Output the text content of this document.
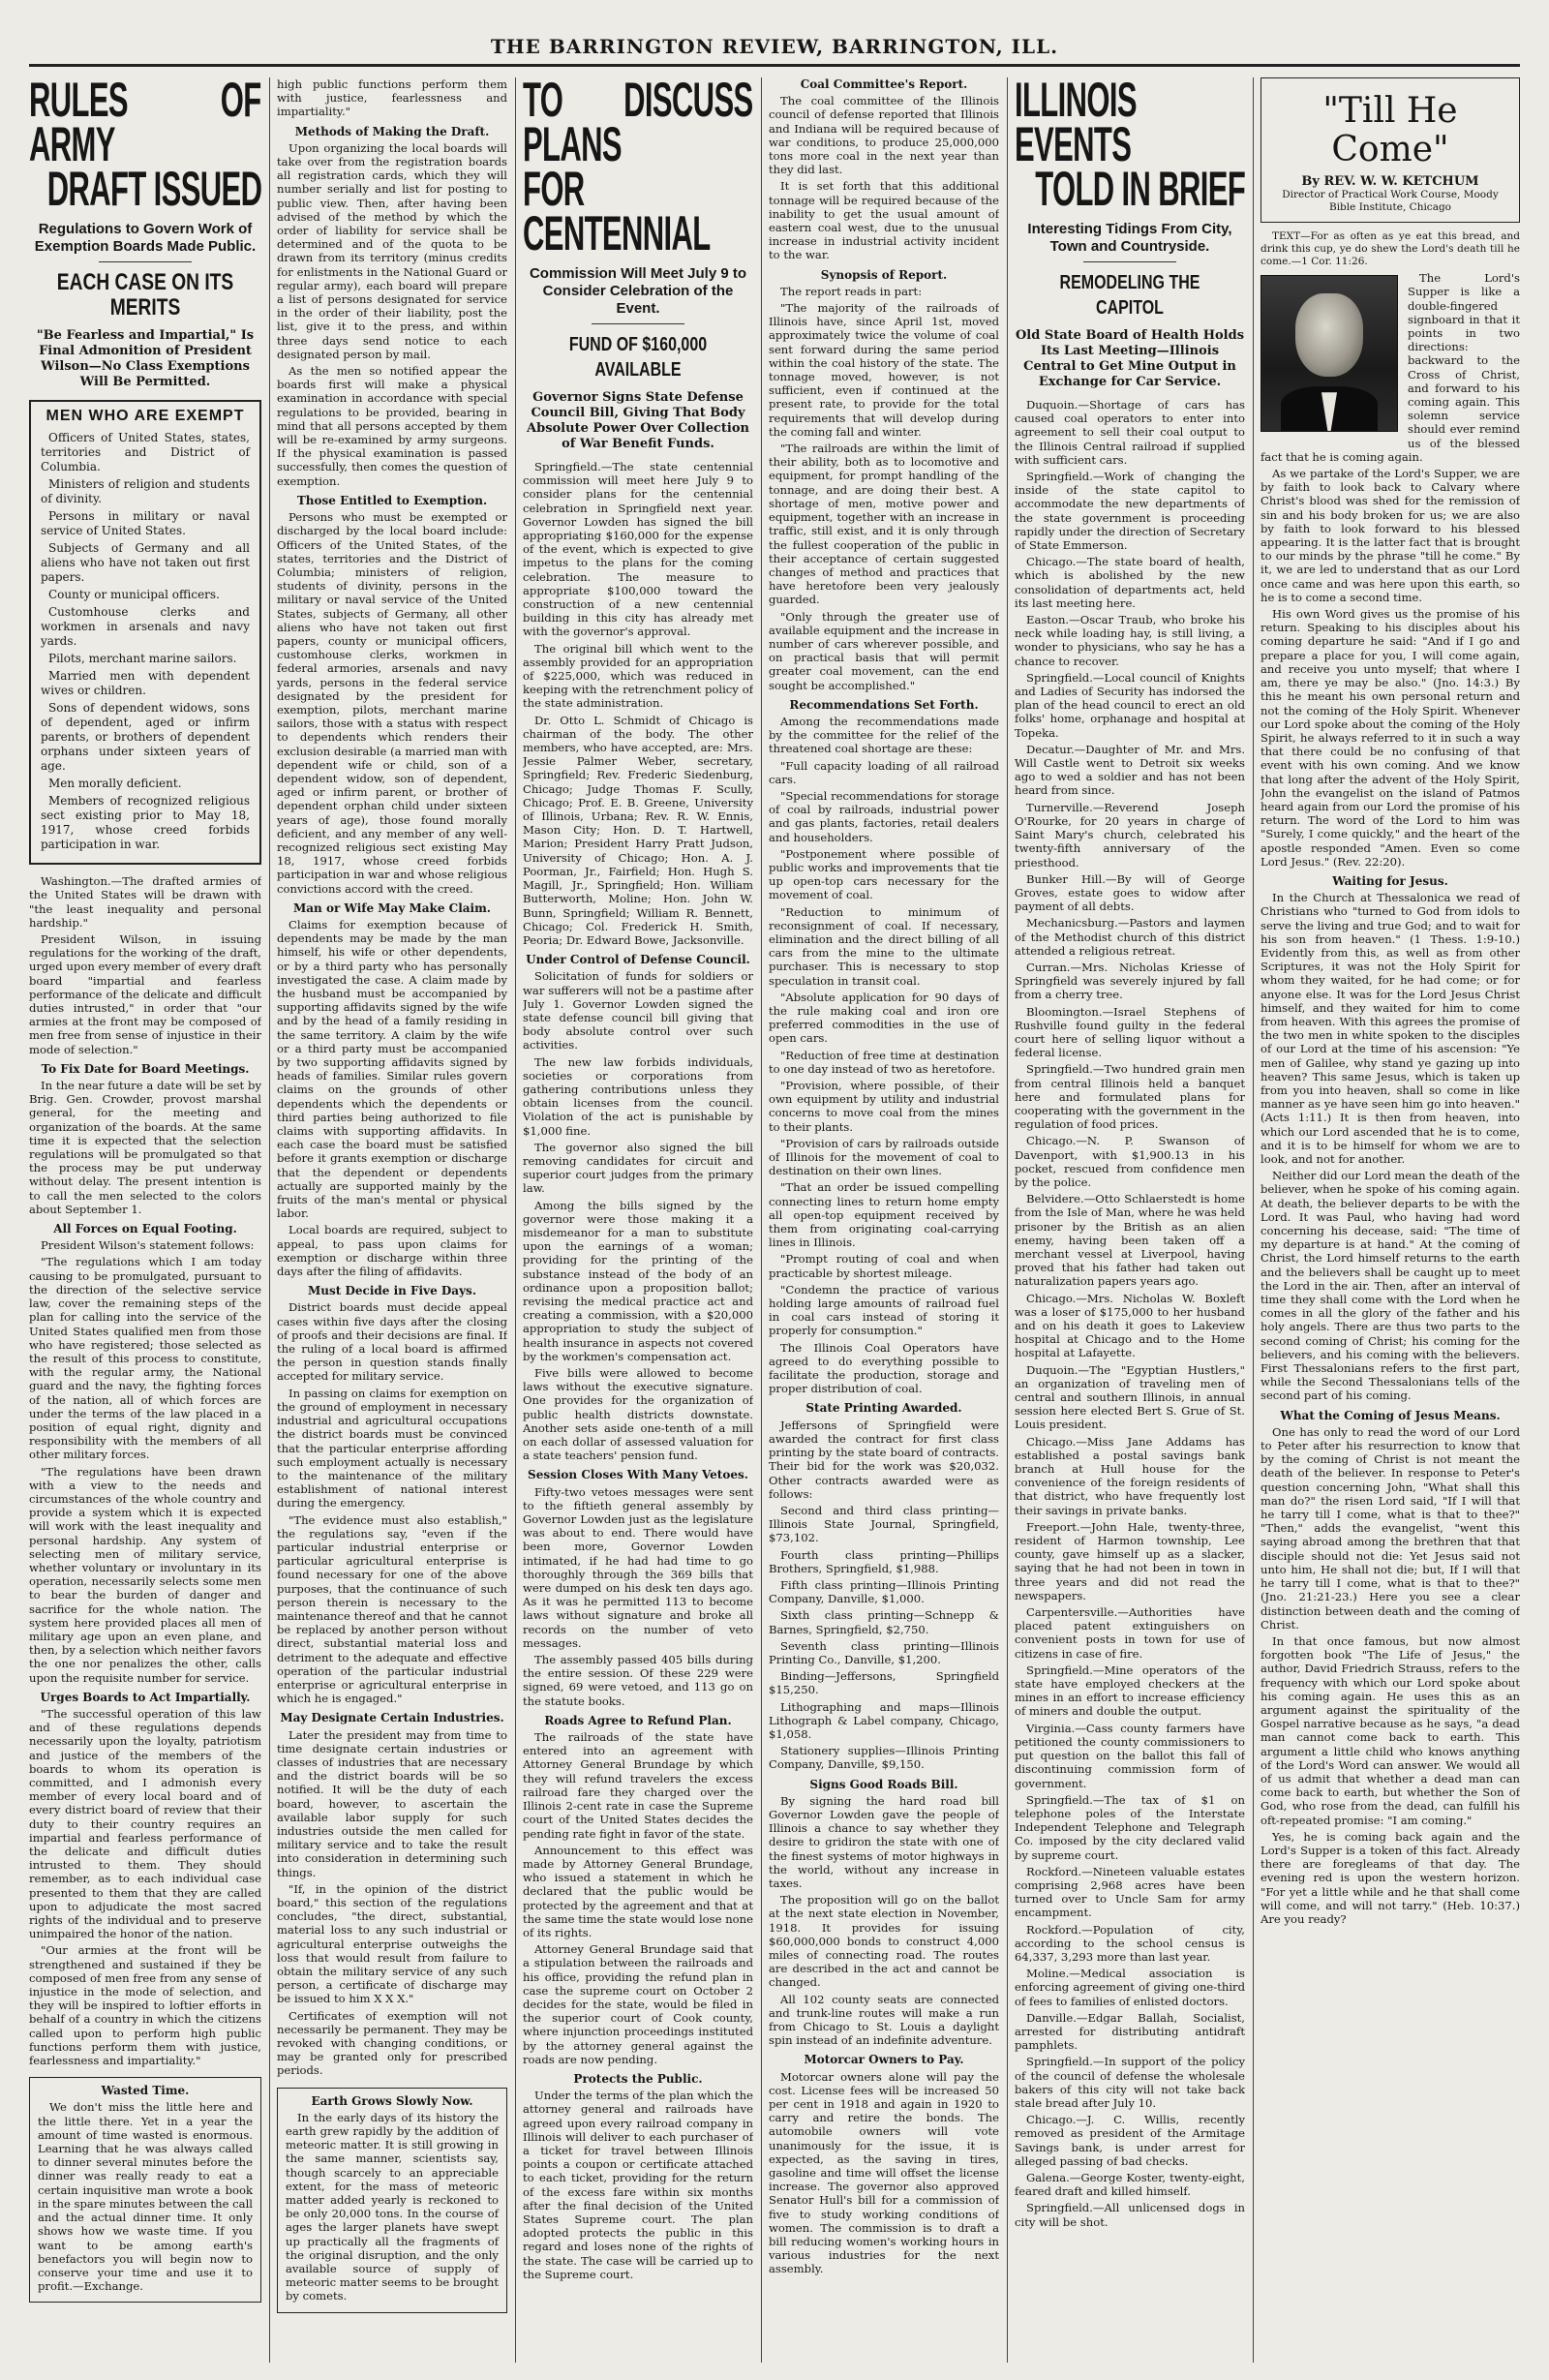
THE BARRINGTON REVIEW, BARRINGTON, ILL.
RULES OF ARMY
DRAFT ISSUED
Regulations to Govern Work of Exemption Boards Made Public.
EACH CASE ON ITS MERITS
"Be Fearless and Impartial," Is Final Admonition of President Wilson—No Class Exemptions Will Be Permitted.
MEN WHO ARE EXEMPT
Officers of United States, states, territories and District of Columbia.
Ministers of religion and students of divinity.
Persons in military or naval service of United States.
Subjects of Germany and all aliens who have not taken out first papers.
County or municipal officers.
Customhouse clerks and workmen in arsenals and navy yards.
Pilots, merchant marine sailors.
Married men with dependent wives or children.
Sons of dependent widows, sons of dependent, aged or infirm parents, or brothers of dependent orphans under sixteen years of age.
Men morally deficient.
Members of recognized religious sect existing prior to May 18, 1917, whose creed forbids participation in war.

Washington.—The drafted armies of the United States will be drawn with "the least inequality and personal hardship."

President Wilson, in issuing regulations for the working of the draft, urged upon every member of every draft board "impartial and fearless performance of the delicate and difficult duties intrusted," in order that "our armies at the front may be composed of men free from sense of injustice in their mode of selection."

To Fix Date for Board Meetings.

In the near future a date will be set by Brig. Gen. Crowder, provost marshal general, for the meeting and organization of the boards. At the same time it is expected that the selection regulations will be promulgated so that the process may be put underway without delay. The present intention is to call the men selected to the colors about September 1.

All Forces on Equal Footing.

President Wilson's statement follows:

"The regulations which I am today causing to be promulgated, pursuant to the direction of the selective service law, cover the remaining steps of the plan for calling into the service of the United States qualified men from those who have registered; those selected as the result of this process to constitute, with the regular army, the National guard and the navy, the fighting forces of the nation, all of which forces are under the terms of the law placed in a position of equal right, dignity and responsibility with the members of all other military forces.

"The regulations have been drawn with a view to the needs and circumstances of the whole country and provide a system which it is expected will work with the least inequality and personal hardship. Any system of selecting men of military service, whether voluntary or involuntary in its operation, necessarily selects some men to bear the burden of danger and sacrifice for the whole nation. The system here provided places all men of military age upon an even plane, and then, by a selection which neither favors the one nor penalizes the other, calls upon the requisite number for service.

Urges Boards to Act Impartially.

"The successful operation of this law and of these regulations depends necessarily upon the loyalty, patriotism and justice of the members of the boards to whom its operation is committed, and I admonish every member of every local board and of every district board of review that their duty to their country requires an impartial and fearless performance of the delicate and difficult duties intrusted to them. They should remember, as to each individual case presented to them that they are called upon to adjudicate the most sacred rights of the individual and to preserve unimpaired the honor of the nation.

"Our armies at the front will be strengthened and sustained if they be composed of men free from any sense of injustice in the mode of selection, and they will be inspired to loftier efforts in behalf of a country in which the citizens called upon to perform high public functions perform them with justice, fearlessness and impartiality."

Wasted Time.

We don't miss the little here and the little there. Yet in a year the amount of time wasted is enormous. Learning that he was always called to dinner several minutes before the dinner was really ready to eat a certain inquisitive man wrote a book in the spare minutes between the call and the actual dinner time. It only shows how we waste time. If you want to be among earth's benefactors you will begin now to conserve your time and use it to profit.—Exchange.

high public functions perform them with justice, fearlessness and impartiality."

Methods of Making the Draft.

Upon organizing the local boards will take over from the registration boards all registration cards, which they will number serially and list for posting to public view. Then, after having been advised of the method by which the order of liability for service shall be determined and of the quota to be drawn from its territory (minus credits for enlistments in the National Guard or regular army), each board will prepare a list of persons designated for service in the order of their liability, post the list, give it to the press, and within three days send notice to each designated person by mail.

As the men so notified appear the boards first will make a physical examination in accordance with special regulations to be provided, bearing in mind that all persons accepted by them will be re-examined by army surgeons. If the physical examination is passed successfully, then comes the question of exemption.

Those Entitled to Exemption.

Persons who must be exempted or discharged by the local board include: Officers of the United States, of the states, territories and the District of Columbia; ministers of religion, students of divinity, persons in the military or naval service of the United States, subjects of Germany, all other aliens who have not taken out first papers, county or municipal officers, customhouse clerks, workmen in federal armories, arsenals and navy yards, persons in the federal service designated by the president for exemption, pilots, merchant marine sailors, those with a status with respect to dependents which renders their exclusion desirable (a married man with dependent wife or child, son of a dependent widow, son of dependent, aged or infirm parent, or brother of dependent orphan child under sixteen years of age), those found morally deficient, and any member of any well-recognized religious sect existing May 18, 1917, whose creed forbids participation in war and whose religious convictions accord with the creed.

Man or Wife May Make Claim.

Claims for exemption because of dependents may be made by the man himself, his wife or other dependents, or by a third party who has personally investigated the case. A claim made by the husband must be accompanied by supporting affidavits signed by the wife and by the head of a family residing in the same territory. A claim by the wife or a third party must be accompanied by two supporting affidavits signed by heads of families. Similar rules govern claims on the grounds of other dependents which the dependents or third parties being authorized to file claims with supporting affidavits. In each case the board must be satisfied before it grants exemption or discharge that the dependent or dependents actually are supported mainly by the fruits of the man's mental or physical labor.

Local boards are required, subject to appeal, to pass upon claims for exemption or discharge within three days after the filing of affidavits.

Must Decide in Five Days.

District boards must decide appeal cases within five days after the closing of proofs and their decisions are final. If the ruling of a local board is affirmed the person in question stands finally accepted for military service.

In passing on claims for exemption on the ground of employment in necessary industrial and agricultural occupations the district boards must be convinced that the particular enterprise affording such employment actually is necessary to the maintenance of the military establishment of national interest during the emergency.

"The evidence must also establish," the regulations say, "even if the particular industrial enterprise or particular agricultural enterprise is found necessary for one of the above purposes, that the continuance of such person therein is necessary to the maintenance thereof and that he cannot be replaced by another person without direct, substantial material loss and detriment to the adequate and effective operation of the particular industrial enterprise or agricultural enterprise in which he is engaged."

May Designate Certain Industries.

Later the president may from time to time designate certain industries or classes of industries that are necessary and the district boards will be so notified. It will be the duty of each board, however, to ascertain the available labor supply for such industries outside the men called for military service and to take the result into consideration in determining such things.

"If, in the opinion of the district board," this section of the regulations concludes, "the direct, substantial, material loss to any such industrial or agricultural enterprise outweighs the loss that would result from failure to obtain the military service of any such person, a certificate of discharge may be issued to him X X X."

Certificates of exemption will not necessarily be permanent. They may be revoked with changing conditions, or may be granted only for prescribed periods.

Earth Grows Slowly Now.

In the early days of its history the earth grew rapidly by the addition of meteoric matter. It is still growing in the same manner, scientists say, though scarcely to an appreciable extent, for the mass of meteoric matter added yearly is reckoned to be only 20,000 tons. In the course of ages the larger planets have swept up practically all the fragments of the original disruption, and the only available source of supply of meteoric matter seems to be brought by comets.

TO DISCUSS PLANS
FOR CENTENNIAL
Commission Will Meet July 9 to Consider Celebration of the Event.
FUND OF $160,000 AVAILABLE
Governor Signs State Defense Council Bill, Giving That Body Absolute Power Over Collection of War Benefit Funds.

Springfield.—The state centennial commission will meet here July 9 to consider plans for the centennial celebration in Springfield next year. Governor Lowden has signed the bill appropriating $160,000 for the expense of the event, which is expected to give impetus to the plans for the coming celebration. The measure to appropriate $100,000 toward the construction of a new centennial building in this city has already met with the governor's approval.

The original bill which went to the assembly provided for an appropriation of $225,000, which was reduced in keeping with the retrenchment policy of the state administration.

Dr. Otto L. Schmidt of Chicago is chairman of the body. The other members, who have accepted, are: Mrs. Jessie Palmer Weber, secretary, Springfield; Rev. Frederic Siedenburg, Chicago; Judge Thomas F. Scully, Chicago; Prof. E. B. Greene, University of Illinois, Urbana; Rev. R. W. Ennis, Mason City; Hon. D. T. Hartwell, Marion; President Harry Pratt Judson, University of Chicago; Hon. A. J. Poorman, Jr., Fairfield; Hon. Hugh S. Magill, Jr., Springfield; Hon. William Butterworth, Moline; Hon. John W. Bunn, Springfield; William R. Bennett, Chicago; Col. Frederick H. Smith, Peoria; Dr. Edward Bowe, Jacksonville.

Under Control of Defense Council.

Solicitation of funds for soldiers or war sufferers will not be a pastime after July 1. Governor Lowden signed the state defense council bill giving that body absolute control over such activities.

The new law forbids individuals, societies or corporations from gathering contributions unless they obtain licenses from the council. Violation of the act is punishable by $1,000 fine.

The governor also signed the bill removing candidates for circuit and superior court judges from the primary law.

Among the bills signed by the governor were those making it a misdemeanor for a man to substitute upon the earnings of a woman; providing for the printing of the substance instead of the body of an ordinance upon a proposition ballot; revising the medical practice act and creating a commission, with a $20,000 appropriation to study the subject of health insurance in aspects not covered by the workmen's compensation act.

Five bills were allowed to become laws without the executive signature. One provides for the organization of public health districts downstate. Another sets aside one-tenth of a mill on each dollar of assessed valuation for a state teachers' pension fund.

Session Closes With Many Vetoes.

Fifty-two vetoes messages were sent to the fiftieth general assembly by Governor Lowden just as the legislature was about to end. There would have been more, Governor Lowden intimated, if he had had time to go thoroughly through the 369 bills that were dumped on his desk ten days ago. As it was he permitted 113 to become laws without signature and broke all records on the number of veto messages.

The assembly passed 405 bills during the entire session. Of these 229 were signed, 69 were vetoed, and 113 go on the statute books.

Roads Agree to Refund Plan.

The railroads of the state have entered into an agreement with Attorney General Brundage by which they will refund travelers the excess railroad fare they charged over the Illinois 2-cent rate in case the Supreme court of the United States decides the pending rate fight in favor of the state.

Announcement to this effect was made by Attorney General Brundage, who issued a statement in which he declared that the public would be protected by the agreement and that at the same time the state would lose none of its rights.

Attorney General Brundage said that a stipulation between the railroads and his office, providing the refund plan in case the supreme court on October 2 decides for the state, would be filed in the superior court of Cook county, where injunction proceedings instituted by the attorney general against the roads are now pending.

Protects the Public.

Under the terms of the plan which the attorney general and railroads have agreed upon every railroad company in Illinois will deliver to each purchaser of a ticket for travel between Illinois points a coupon or certificate attached to each ticket, providing for the return of the excess fare within six months after the final decision of the United States Supreme court. The plan adopted protects the public in this regard and loses none of the rights of the state. The case will be carried up to the Supreme court.

Coal Committee's Report.

The coal committee of the Illinois council of defense reported that Illinois and Indiana will be required because of war conditions, to produce 25,000,000 tons more coal in the next year than they did last.

It is set forth that this additional tonnage will be required because of the inability to get the usual amount of eastern coal west, due to the unusual increase in industrial activity incident to the war.

Synopsis of Report.

The report reads in part:

"The majority of the railroads of Illinois have, since April 1st, moved approximately twice the volume of coal sent forward during the same period within the coal history of the state. The tonnage moved, however, is not sufficient, even if continued at the present rate, to provide for the total requirements that will develop during the coming fall and winter.

"The railroads are within the limit of their ability, both as to locomotive and equipment, for prompt handling of the tonnage, and are doing their best. A shortage of men, motive power and equipment, together with an increase in traffic, still exist, and it is only through the fullest cooperation of the public in their acceptance of certain suggested changes of method and practices that have heretofore been very jealously guarded.

"Only through the greater use of available equipment and the increase in number of cars wherever possible, and on practical basis that will permit greater coal movement, can the end sought be accomplished."

Recommendations Set Forth.

Among the recommendations made by the committee for the relief of the threatened coal shortage are these:

"Full capacity loading of all railroad cars.

"Special recommendations for storage of coal by railroads, industrial power and gas plants, factories, retail dealers and householders.

"Postponement where possible of public works and improvements that tie up open-top cars necessary for the movement of coal.

"Reduction to minimum of reconsignment of coal. If necessary, elimination and the direct billing of all cars from the mine to the ultimate purchaser. This is necessary to stop speculation in transit coal.

"Absolute application for 90 days of the rule making coal and iron ore preferred commodities in the use of open cars.

"Reduction of free time at destination to one day instead of two as heretofore.

"Provision, where possible, of their own equipment by utility and industrial concerns to move coal from the mines to their plants.

"Provision of cars by railroads outside of Illinois for the movement of coal to destination on their own lines.

"That an order be issued compelling connecting lines to return home empty all open-top equipment received by them from originating coal-carrying lines in Illinois.

"Prompt routing of coal and when practicable by shortest mileage.

"Condemn the practice of various holding large amounts of railroad fuel in coal cars instead of storing it properly for consumption."

The Illinois Coal Operators have agreed to do everything possible to facilitate the production, storage and proper distribution of coal.

State Printing Awarded.

Jeffersons of Springfield were awarded the contract for first class printing by the state board of contracts. Their bid for the work was $20,032. Other contracts awarded were as follows:

Second and third class printing—Illinois State Journal, Springfield, $73,102.

Fourth class printing—Phillips Brothers, Springfield, $1,988.

Fifth class printing—Illinois Printing Company, Danville, $1,000.

Sixth class printing—Schnepp & Barnes, Springfield, $2,750.

Seventh class printing—Illinois Printing Co., Danville, $1,200.

Binding—Jeffersons, Springfield $15,250.

Lithographing and maps—Illinois Lithograph & Label company, Chicago, $1,058.

Stationery supplies—Illinois Printing Company, Danville, $9,150.

Signs Good Roads Bill.

By signing the hard road bill Governor Lowden gave the people of Illinois a chance to say whether they desire to gridiron the state with one of the finest systems of motor highways in the world, without any increase in taxes.

The proposition will go on the ballot at the next state election in November, 1918. It provides for issuing $60,000,000 bonds to construct 4,000 miles of connecting road. The routes are described in the act and cannot be changed.

All 102 county seats are connected and trunk-line routes will make a run from Chicago to St. Louis a daylight spin instead of an indefinite adventure.

Motorcar Owners to Pay.

Motorcar owners alone will pay the cost. License fees will be increased 50 per cent in 1918 and again in 1920 to carry and retire the bonds. The automobile owners will vote unanimously for the issue, it is expected, as the saving in tires, gasoline and time will offset the license increase. The governor also approved Senator Hull's bill for a commission of five to study working conditions of women. The commission is to draft a bill reducing women's working hours in various industries for the next assembly.

ILLINOIS EVENTS
TOLD IN BRIEF
Interesting Tidings From City, Town and Countryside.
REMODELING THE CAPITOL
Old State Board of Health Holds Its Last Meeting—Illinois Central to Get Mine Output in Exchange for Car Service.

Duquoin.—Shortage of cars has caused coal operators to enter into agreement to sell their coal output to the Illinois Central railroad if supplied with sufficient cars.

Springfield.—Work of changing the inside of the state capitol to accommodate the new departments of the state government is proceeding rapidly under the direction of Secretary of State Emmerson.

Chicago.—The state board of health, which is abolished by the new consolidation of departments act, held its last meeting here.

Easton.—Oscar Traub, who broke his neck while loading hay, is still living, a wonder to physicians, who say he has a chance to recover.

Springfield.—Local council of Knights and Ladies of Security has indorsed the plan of the head council to erect an old folks' home, orphanage and hospital at Topeka.

Decatur.—Daughter of Mr. and Mrs. Will Castle went to Detroit six weeks ago to wed a soldier and has not been heard from since.

Turnerville.—Reverend Joseph O'Rourke, for 20 years in charge of Saint Mary's church, celebrated his twenty-fifth anniversary of the priesthood.

Bunker Hill.—By will of George Groves, estate goes to widow after payment of all debts.

Mechanicsburg.—Pastors and laymen of the Methodist church of this district attended a religious retreat.

Curran.—Mrs. Nicholas Kriesse of Springfield was severely injured by fall from a cherry tree.

Bloomington.—Israel Stephens of Rushville found guilty in the federal court here of selling liquor without a federal license.

Springfield.—Two hundred grain men from central Illinois held a banquet here and formulated plans for cooperating with the government in the regulation of food prices.

Chicago.—N. P. Swanson of Davenport, with $1,900.13 in his pocket, rescued from confidence men by the police.

Belvidere.—Otto Schlaerstedt is home from the Isle of Man, where he was held prisoner by the British as an alien enemy, having been taken off a merchant vessel at Liverpool, having proved that his father had taken out naturalization papers years ago.

Chicago.—Mrs. Nicholas W. Boxleft was a loser of $175,000 to her husband and on his death it goes to Lakeview hospital at Chicago and to the Home hospital at Lafayette.

Duquoin.—The "Egyptian Hustlers," an organization of traveling men of central and southern Illinois, in annual session here elected Bert S. Grue of St. Louis president.

Chicago.—Miss Jane Addams has established a postal savings bank branch at Hull house for the convenience of the foreign residents of that district, who have frequently lost their savings in private banks.

Freeport.—John Hale, twenty-three, resident of Harmon township, Lee county, gave himself up as a slacker, saying that he had not been in town in three years and did not read the newspapers.

Carpentersville.—Authorities have placed patent extinguishers on convenient posts in town for use of citizens in case of fire.

Springfield.—Mine operators of the state have employed checkers at the mines in an effort to increase efficiency of miners and double the output.

Virginia.—Cass county farmers have petitioned the county commissioners to put question on the ballot this fall of discontinuing commission form of government.

Springfield.—The tax of $1 on telephone poles of the Interstate Independent Telephone and Telegraph Co. imposed by the city declared valid by supreme court.

Rockford.—Nineteen valuable estates comprising 2,968 acres have been turned over to Uncle Sam for army encampment.

Rockford.—Population of city, according to the school census is 64,337, 3,293 more than last year.

Moline.—Medical association is enforcing agreement of giving one-third of fees to families of enlisted doctors.

Danville.—Edgar Ballah, Socialist, arrested for distributing antidraft pamphlets.

Springfield.—In support of the policy of the council of defense the wholesale bakers of this city will not take back stale bread after July 10.

Chicago.—J. C. Willis, recently removed as president of the Armitage Savings bank, is under arrest for alleged passing of bad checks.

Galena.—George Koster, twenty-eight, feared draft and killed himself.

Springfield.—All unlicensed dogs in city will be shot.

"Till He Come"
By REV. W. W. KETCHUM
Director of Practical Work Course, Moody Bible Institute, Chicago

TEXT—For as often as ye eat this bread, and drink this cup, ye do shew the Lord's death till he come.—1 Cor. 11:26.

The Lord's Supper is like a double-fingered signboard in that it points in two directions: backward to the Cross of Christ, and forward to his coming again. This solemn service should ever remind us of the blessed fact that he is coming again.

As we partake of the Lord's Supper, we are by faith to look back to Calvary where Christ's blood was shed for the remission of sin and his body broken for us; we are also by faith to look forward to his blessed appearing. It is the latter fact that is brought to our minds by the phrase "till he come." By it, we are led to understand that as our Lord once came and was here upon this earth, so he is to come a second time.

His own Word gives us the promise of his return. Speaking to his disciples about his coming departure he said: "And if I go and prepare a place for you, I will come again, and receive you unto myself; that where I am, there ye may be also." (Jno. 14:3.) By this he meant his own personal return and not the coming of the Holy Spirit. Whenever our Lord spoke about the coming of the Holy Spirit, he always referred to it in such a way that there could be no confusing of that event with his own coming. And we know that long after the advent of the Holy Spirit, John the evangelist on the island of Patmos heard again from our Lord the promise of his return. The word of the Lord to him was "Surely, I come quickly," and the heart of the apostle responded "Amen. Even so come Lord Jesus." (Rev. 22:20).

Waiting for Jesus.

In the Church at Thessalonica we read of Christians who "turned to God from idols to serve the living and true God; and to wait for his son from heaven." (1 Thess. 1:9-10.) Evidently from this, as well as from other Scriptures, it was not the Holy Spirit for whom they waited, for he had come; or for anyone else. It was for the Lord Jesus Christ himself, and they waited for him to come from heaven. With this agrees the promise of the two men in white spoken to the disciples of our Lord at the time of his ascension: "Ye men of Galilee, why stand ye gazing up into heaven? This same Jesus, which is taken up from you into heaven, shall so come in like manner as ye have seen him go into heaven." (Acts 1:11.) It is then from heaven, into which our Lord ascended that he is to come, and it is to be himself for whom we are to look, and not for another.

Neither did our Lord mean the death of the believer, when he spoke of his coming again. At death, the believer departs to be with the Lord. It was Paul, who having had word concerning his decease, said: "The time of my departure is at hand." At the coming of Christ, the Lord himself returns to the earth and the believers shall be caught up to meet the Lord in the air. Then, after an interval of time they shall come with the Lord when he comes in all the glory of the father and his holy angels. There are thus two parts to the second coming of Christ; his coming for the believers, and his coming with the believers. First Thessalonians refers to the first part, while the Second Thessalonians tells of the second part of his coming.

What the Coming of Jesus Means.

One has only to read the word of our Lord to Peter after his resurrection to know that by the coming of Christ is not meant the death of the believer. In response to Peter's question concerning John, "What shall this man do?" the risen Lord said, "If I will that he tarry till I come, what is that to thee?" "Then," adds the evangelist, "went this saying abroad among the brethren that that disciple should not die: Yet Jesus said not unto him, He shall not die; but, If I will that he tarry till I come, what is that to thee?" (Jno. 21:21-23.) Here you see a clear distinction between death and the coming of Christ.

In that once famous, but now almost forgotten book "The Life of Jesus," the author, David Friedrich Strauss, refers to the frequency with which our Lord spoke about his coming again. He uses this as an argument against the spirituality of the Gospel narrative because as he says, "a dead man cannot come back to earth. This argument a little child who knows anything of the Lord's Word can answer. We would all of us admit that whether a dead man can come back to earth, but whether the Son of God, who rose from the dead, can fulfill his oft-repeated promise: "I am coming."

Yes, he is coming back again and the Lord's Supper is a token of this fact. Already there are foregleams of that day. The evening red is upon the western horizon. "For yet a little while and he that shall come will come, and will not tarry." (Heb. 10:37.) Are you ready?
